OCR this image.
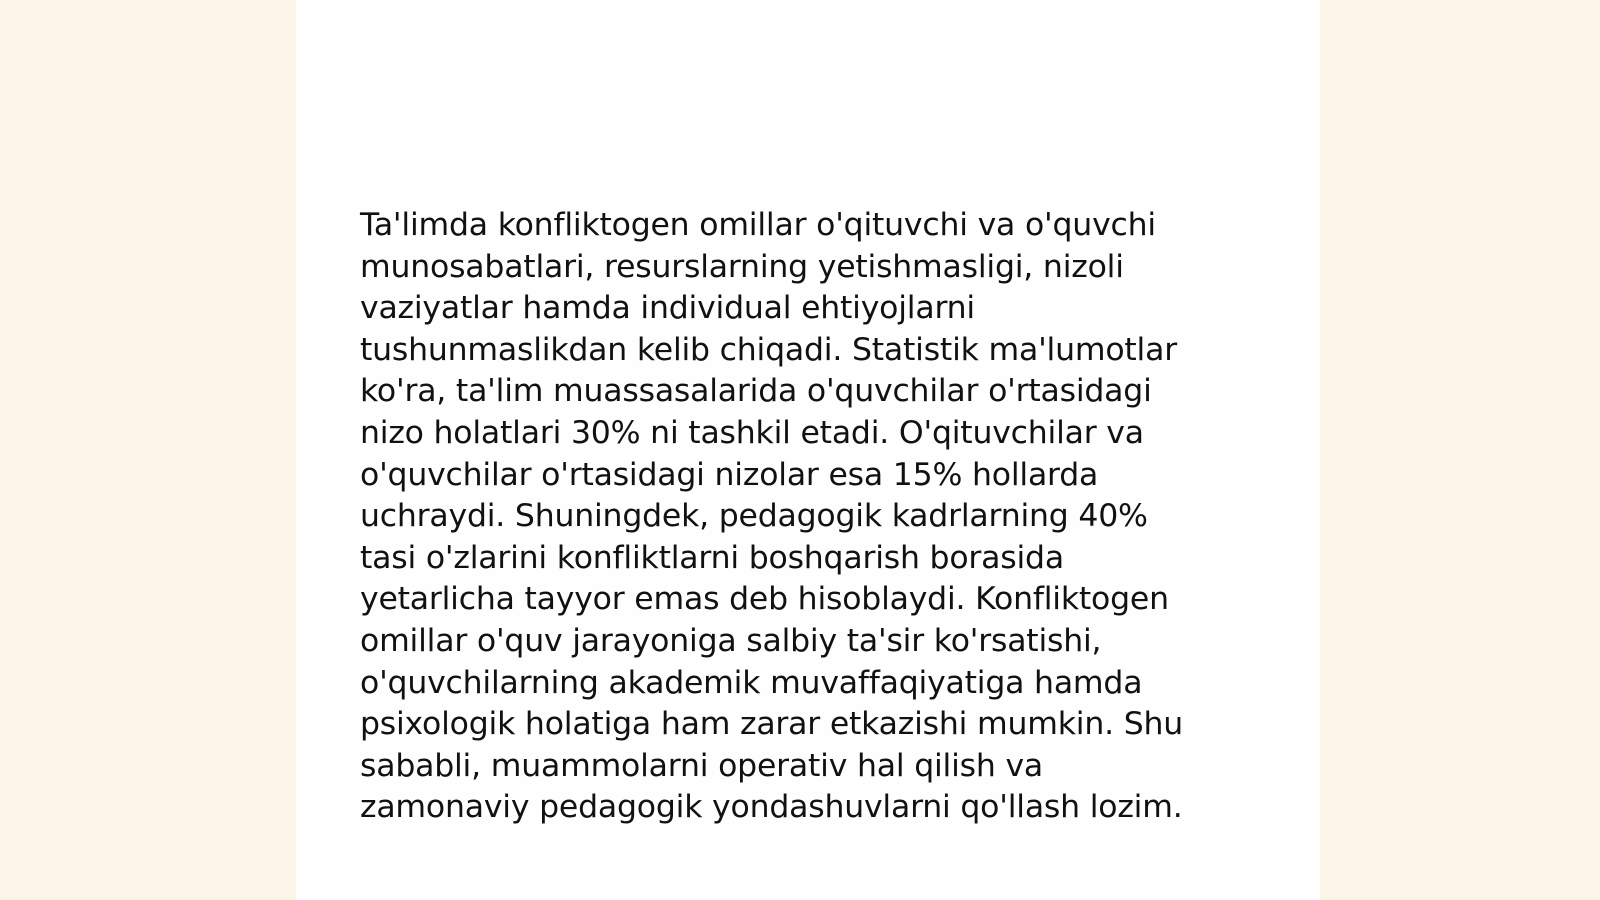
Ta'limda konfliktogen omillar o'qituvchi va o'quvchi
munosabatlari, resurslarning yetishmasligi, nizoli
vaziyatlar hamda individual ehtiyojlarni
tushunmaslikdan kelib chiqadi. Statistik ma'lumotlar
ko'ra, ta'lim muassasalarida o'quvchilar o'rtasidagi
nizo holatlari 30% ni tashkil etadi. O'qituvchilar va
o'quvchilar o'rtasidagi nizolar esa 15% hollarda
uchraydi. Shuningdek, pedagogik kadrlarning 40%
tasi o'zlarini konfliktlarni boshqarish borasida
yetarlicha tayyor emas deb hisoblaydi. Konfliktogen
omillar o'quv jarayoniga salbiy ta'sir ko'rsatishi,
o'quvchilarning akademik muvaffaqiyatiga hamda
psixologik holatiga ham zarar etkazishi mumkin. Shu
sababli, muammolarni operativ hal qilish va
zamonaviy pedagogik yondashuvlarni qo'llash lozim.
